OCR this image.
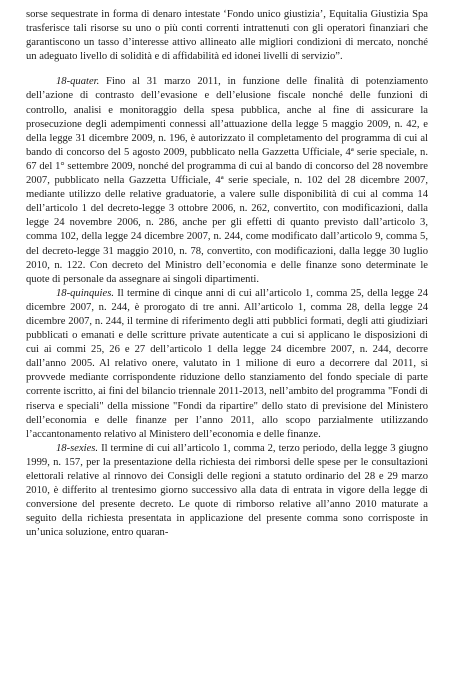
sorse sequestrate in forma di denaro intestate ‘Fondo unico giustizia’, Equitalia Giustizia Spa trasferisce tali risorse su uno o più conti correnti intrattenuti con gli operatori finanziari che garantiscono un tasso d’interesse attivo allineato alle migliori condizioni di mercato, nonché un adeguato livello di solidità e di affidabilità ed idonei livelli di servizio”.

18-quater. Fino al 31 marzo 2011, in funzione delle finalità di potenziamento dell’azione di contrasto dell’evasione e dell’elusione fiscale nonché delle funzioni di controllo, analisi e monitoraggio della spesa pubblica, anche al fine di assicurare la prosecuzione degli adempimenti connessi all’attuazione della legge 5 maggio 2009, n. 42, e della legge 31 dicembre 2009, n. 196, è autorizzato il completamento del programma di cui al bando di concorso del 5 agosto 2009, pubblicato nella Gazzetta Ufficiale, 4ª serie speciale, n. 67 del 1° settembre 2009, nonché del programma di cui al bando di concorso del 28 novembre 2007, pubblicato nella Gazzetta Ufficiale, 4ª serie speciale, n. 102 del 28 dicembre 2007, mediante utilizzo delle relative graduatorie, a valere sulle disponibilità di cui al comma 14 dell’articolo 1 del decreto-legge 3 ottobre 2006, n. 262, convertito, con modificazioni, dalla legge 24 novembre 2006, n. 286, anche per gli effetti di quanto previsto dall’articolo 3, comma 102, della legge 24 dicembre 2007, n. 244, come modificato dall’articolo 9, comma 5, del decreto-legge 31 maggio 2010, n. 78, convertito, con modificazioni, dalla legge 30 luglio 2010, n. 122. Con decreto del Ministro dell’economia e delle finanze sono determinate le quote di personale da assegnare ai singoli dipartimenti.

18-quinquies. Il termine di cinque anni di cui all’articolo 1, comma 25, della legge 24 dicembre 2007, n. 244, è prorogato di tre anni. All’articolo 1, comma 28, della legge 24 dicembre 2007, n. 244, il termine di riferimento degli atti pubblici formati, degli atti giudiziari pubblicati o emanati e delle scritture private autenticate a cui si applicano le disposizioni di cui ai commi 25, 26 e 27 dell’articolo 1 della legge 24 dicembre 2007, n. 244, decorre dall’anno 2005. Al relativo onere, valutato in 1 milione di euro a decorrere dal 2011, si provvede mediante corrispondente riduzione dello stanziamento del fondo speciale di parte corrente iscritto, ai fini del bilancio triennale 2011-2013, nell’ambito del programma "Fondi di riserva e speciali" della missione "Fondi da ripartire" dello stato di previsione del Ministero dell’economia e delle finanze per l’anno 2011, allo scopo parzialmente utilizzando l’accantonamento relativo al Ministero dell’economia e delle finanze.

18-sexies. Il termine di cui all’articolo 1, comma 2, terzo periodo, della legge 3 giugno 1999, n. 157, per la presentazione della richiesta dei rimborsi delle spese per le consultazioni elettorali relative al rinnovo dei Consigli delle regioni a statuto ordinario del 28 e 29 marzo 2010, è differito al trentesimo giorno successivo alla data di entrata in vigore della legge di conversione del presente decreto. Le quote di rimborso relative all’anno 2010 maturate a seguito della richiesta presentata in applicazione del presente comma sono corrisposte in un’unica soluzione, entro quaran-
